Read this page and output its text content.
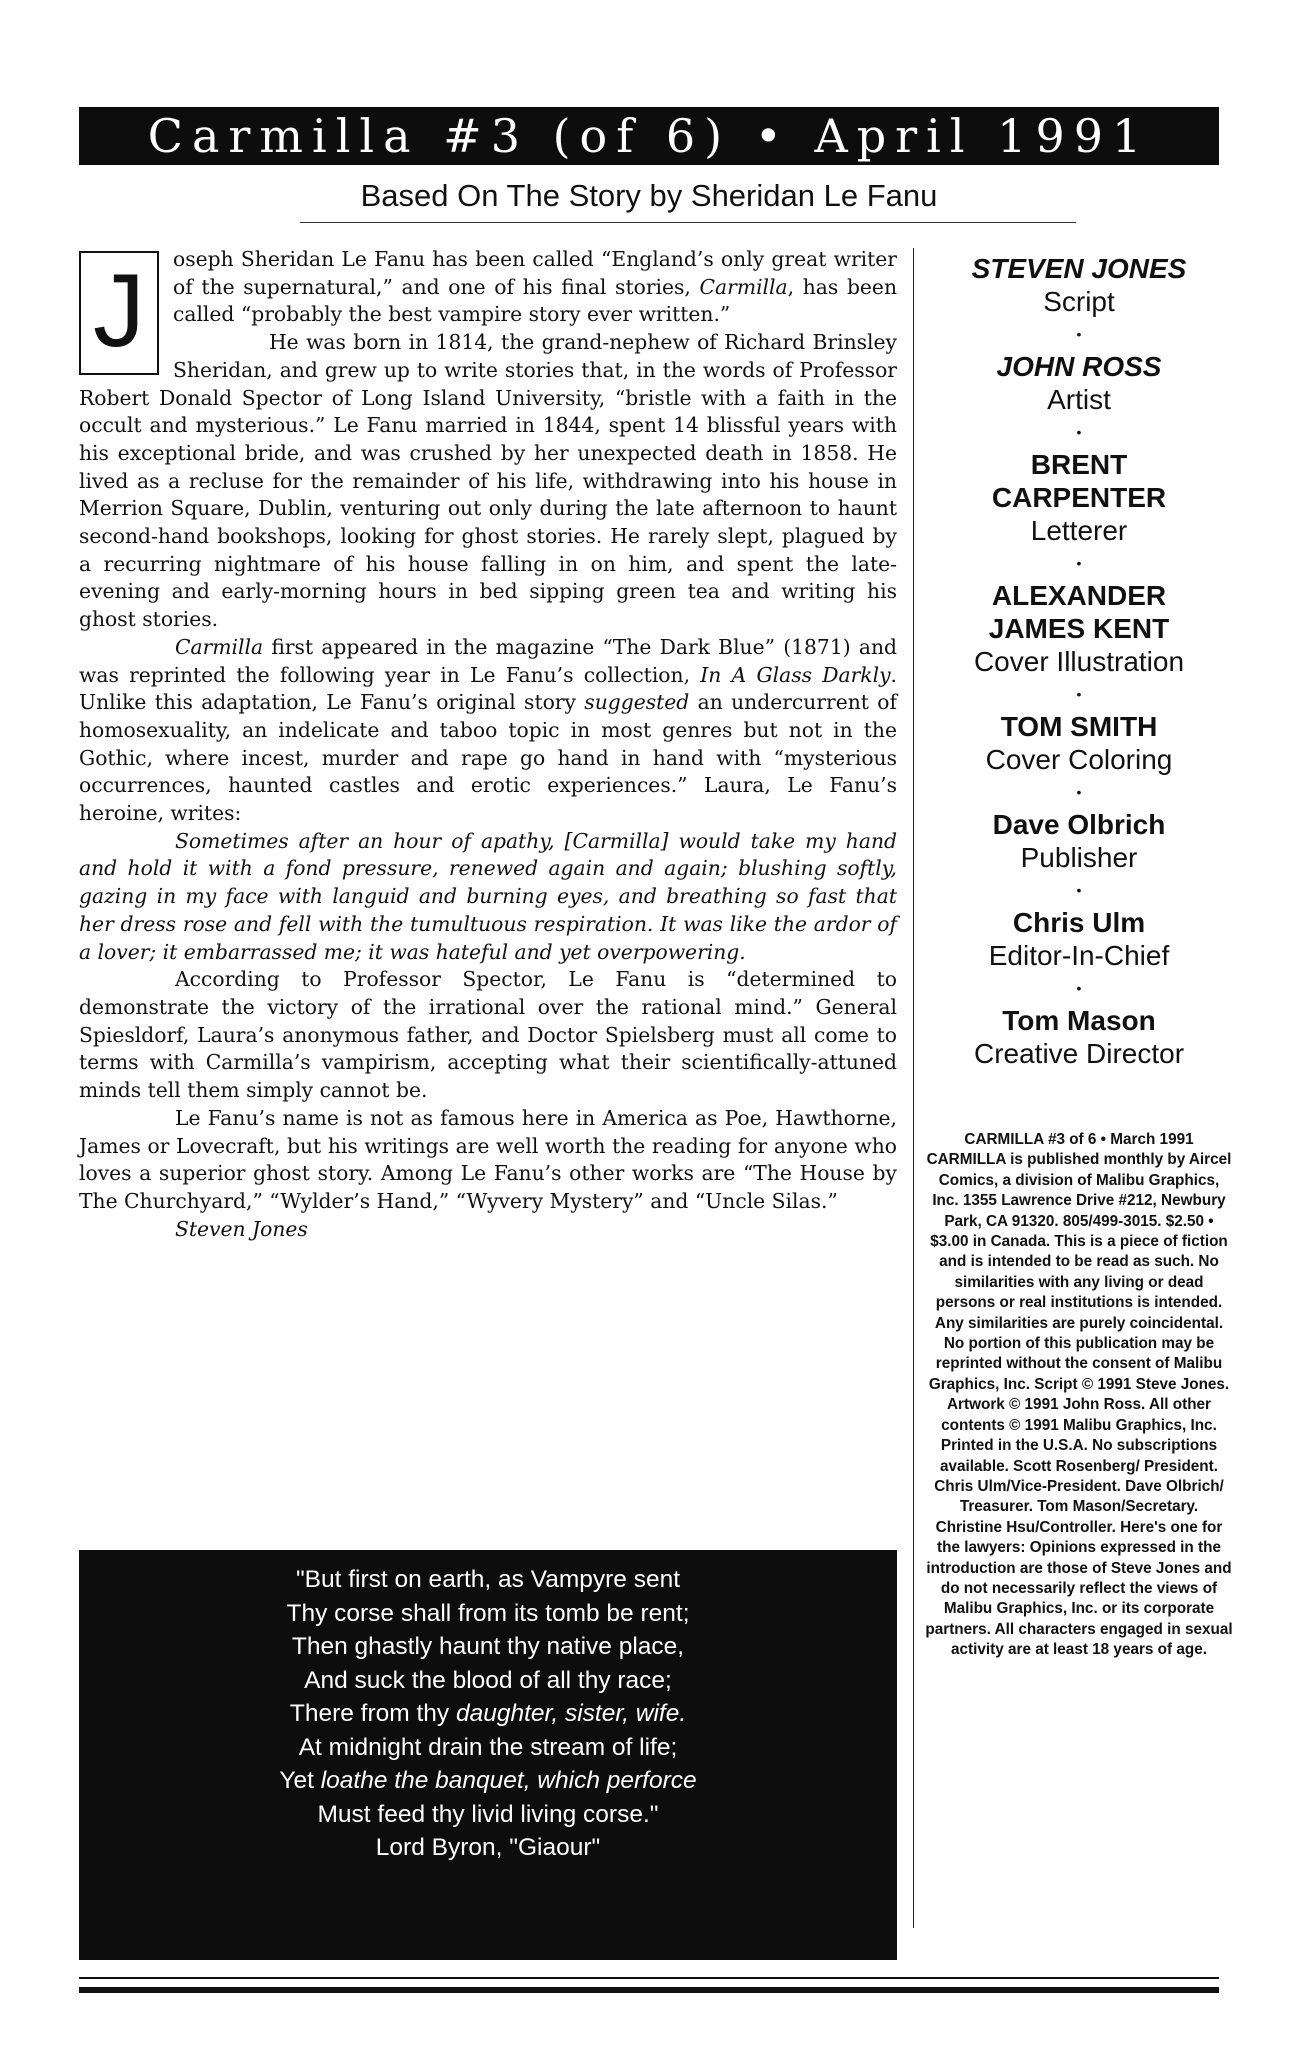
Carmilla #3 (of 6) • April 1991
Based On The Story by Sheridan Le Fanu

J	oseph Sheridan Le Fanu has been called “England’s only great writer of the supernatural,” and one of his final stories, Carmilla, has been called “probably the best vampire story ever written.”

He was born in 1814, the grand-nephew of Richard Brinsley Sheridan, and grew up to write stories that, in the words of Professor Robert Donald Spector of Long Island University, “bristle with a faith in the occult and mysterious.” Le Fanu married in 1844, spent 14 blissful years with his exceptional bride, and was crushed by her unexpected death in 1858. He lived as a recluse for the remainder of his life, withdrawing into his house in Merrion Square, Dublin, venturing out only during the late afternoon to haunt second-hand bookshops, looking for ghost stories. He rarely slept, plagued by a recurring nightmare of his house falling in on him, and spent the late-evening and early-morning hours in bed sipping green tea and writing his ghost stories.

Carmilla first appeared in the magazine “The Dark Blue” (1871) and was reprinted the following year in Le Fanu’s collection, In A Glass Darkly. Unlike this adaptation, Le Fanu’s original story suggested an undercurrent of homosexuality, an indelicate and taboo topic in most genres but not in the Gothic, where incest, murder and rape go hand in hand with “mysterious occurrences, haunted castles and erotic experiences.” Laura, Le Fanu’s heroine, writes:

Sometimes after an hour of apathy, [Carmilla] would take my hand and hold it with a fond pressure, renewed again and again; blushing softly, gazing in my face with languid and burning eyes, and breathing so fast that her dress rose and fell with the tumultuous respiration. It was like the ardor of a lover; it embarrassed me; it was hateful and yet overpowering.

According to Professor Spector, Le Fanu is “determined to demonstrate the victory of the irrational over the rational mind.” General Spiesldorf, Laura’s anonymous father, and Doctor Spielsberg must all come to terms with Carmilla’s vampirism, accepting what their scientifically-attuned minds tell them simply cannot be.

Le Fanu’s name is not as famous here in America as Poe, Hawthorne, James or Lovecraft, but his writings are well worth the reading for anyone who loves a superior ghost story. Among Le Fanu’s other works are “The House by The Churchyard,” “Wylder’s Hand,” “Wyvery Mystery” and “Uncle Silas.”

Steven Jones
"But first on earth, as Vampyre sent
Thy corse shall from its tomb be rent;
Then ghastly haunt thy native place,
And suck the blood of all thy race;
There from thy daughter, sister, wife.
At midnight drain the stream of life;
Yet loathe the banquet, which perforce
Must feed thy livid living corse."
Lord Byron, "Giaour"
STEVEN JONES
Script
•
JOHN ROSS
Artist
•
BRENT
CARPENTER
Letterer
•
ALEXANDER
JAMES KENT
Cover Illustration
•
TOM SMITH
Cover Coloring
•
Dave Olbrich
Publisher
•
Chris Ulm
Editor-In-Chief
•
Tom Mason
Creative Director
CARMILLA #3 of 6 • March 1991 CARMILLA is published monthly by Aircel Comics, a division of Malibu Graphics, Inc. 1355 Lawrence Drive #212, Newbury Park, CA 91320. 805/499-3015. $2.50 • $3.00 in Canada. This is a piece of fiction and is intended to be read as such. No similarities with any living or dead persons or real institutions is intended. Any similarities are purely coincidental. No portion of this publication may be reprinted without the consent of Malibu Graphics, Inc. Script © 1991 Steve Jones. Artwork © 1991 John Ross. All other contents © 1991 Malibu Graphics, Inc. Printed in the U.S.A. No subscriptions available. Scott Rosenberg/ President. Chris Ulm/Vice-President. Dave Olbrich/ Treasurer. Tom Mason/Secretary. Christine Hsu/Controller. Here's one for the lawyers: Opinions expressed in the introduction are those of Steve Jones and do not necessarily reflect the views of Malibu Graphics, Inc. or its corporate partners. All characters engaged in sexual activity are at least 18 years of age.
